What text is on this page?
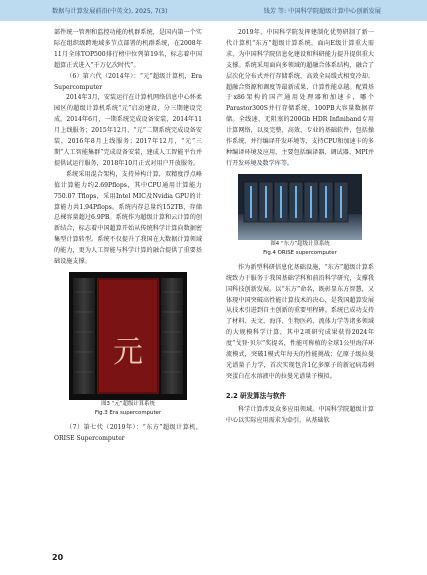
数据与计算发展前沿(中英文), 2025, 7(3)	钱芳 等: 中国科学院超级计算中心创新发展

部件统一管理和监控功能的机群系统，是国内第一个实际在组织级跨地域多节点部署的机群系统，在2008年11月全球TOP500排行榜中位列第19名，标志着中国超算正式进入“千万亿次时代”。

（6）第六代（2014年）：“元”超级计算机，Era Supercomputer

2014年3月，安装运行在计算机网络信息中心怀柔园区的超级计算机系统“元”启动建设，分三期建设完成。2014年6月，一期系统完成设备安装，2014年11月上线服务；2015年12月，“元”二期系统完成设备安装，2016年8月上线服务；2017年12月，“元”三期“人工智能集群”完成设备安装，建成人工智能平台并提供试运行服务，2018年10月正式对用户开放服务。

系统采用混合架构，支持异构计算，双精度浮点峰值计算能力约2.69Pflops，其中CPU通用计算能力750.07 Tflops，采用Intel MIC及Nvidia GPU的计算能力共1.94Pflops。系统内存总量约152TB，存储总裸容量超过6.9PB。系统作为超级计算和云计算的创新结合，标志着中国超算开始从传统科学计算向数据密集型计算转型。系统不仅提升了我国在大数据计算领域的能力，更为人工智能与科学计算的融合提供了重要基础设施支撑。

元
图3 “元”超级计算系统
Fig.3 Era supercomputer

（7）第七代（2019年）：“东方”超级计算机，ORISE Supercomputer

2019年，中国科学院发挥建制化优势研制了新一代计算机“东方”超级计算系统，面向E级计算重大需求，为中国科学院信息化建设和科研能力提升提供重大支撑。系统采用面向多领域的超融合体系结构，融合了层次化分布式并行存储系统、高效全局缓式相变冷却、超融合资源和调度等最新成果，计算性能卓越。配置基于x86架构的国产通用处理器和加速卡，哪个Parastor300S并行存储系统，100PB大容量数据存储。全线速、无阻塞的200Gb HDR Infiniband专用计算网络，以及完整、高效、专业的基础软件，包括操作系统、并行编译开发环境等，支持CPU和加速卡的多种编译环境及应用，主要包括编译器、调试器、MPI并行开发环境及数学库等。

图4 “东方”超级计算系统
Fig.4 ORISE supercomputer

作为新型科研信息化基础设施，“东方”超级计算系统致力于服务于我国基础学科和前沿科学研究，支撑我国科技创新发展。以“东方”命名，既彰显东方智慧，又体现中国突破高性能计算技术的决心，是我国超算发展从技术引进到自主创新的重要里程碑。系统已成功支持了材料、天文、海洋、生物医药、流体力学等诸多领域的大规模科学计算，其中2项研究成果获得2024年度“戈登·贝尔”奖提名，性能可称植的全球1公里海洋环流模式，突破1模式年每天的性能挑战；亿原子级拉曼光谱量子力学，首次实现包含1亿多原子的新冠病毒刺突蛋白在水溶液中的拉曼光谱量子模拟。

2.2 研发算法与软件

科学计算涉及众多应用领域。中国科学院超级计算中心以实际应用需求为牵引，从基础软

20
